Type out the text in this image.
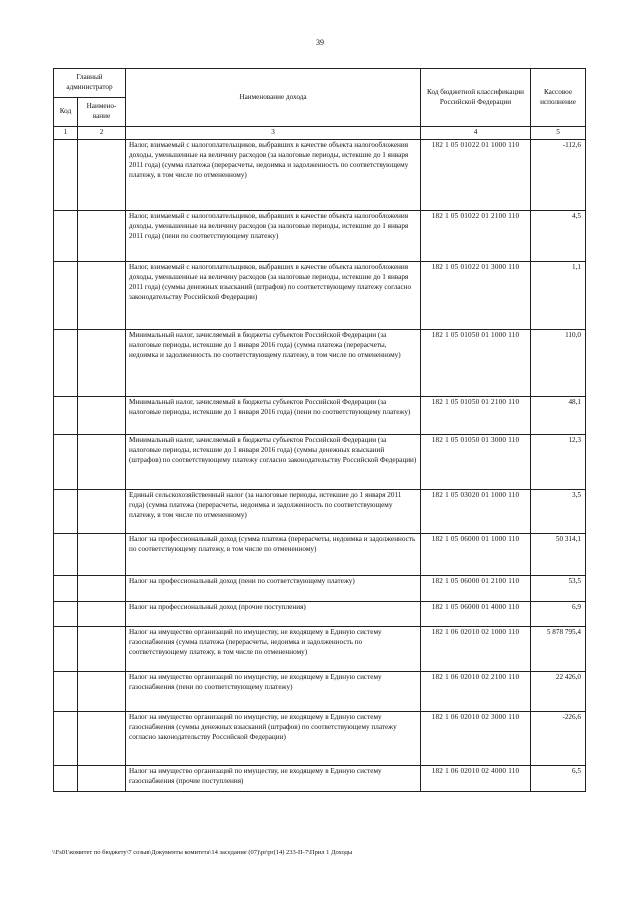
39
Главный администратор		Наименование дохода	Код бюджетной классификации Российской Федерации	Кассовое исполнение
Код	Наимено-вание			
1	2	3	4	5
		Налог, взимаемый с налогоплательщиков, выбравших в качестве объекта налогообложения доходы, уменьшенные на величину расходов (за налоговые периоды, истекшие до 1 января 2011 года) (сумма платежа (перерасчеты, недоимка и задолженность по соответствующему платежу, в том числе по отмененному)	182 1 05 01022 01 1000 110	-112,6
		Налог, взимаемый с налогоплательщиков, выбравших в качестве объекта налогообложения доходы, уменьшенные на величину расходов (за налоговые периоды, истекшие до 1 января 2011 года) (пени по соответствующему платежу)	182 1 05 01022 01 2100 110	4,5
		Налог, взимаемый с налогоплательщиков, выбравших в качестве объекта налогообложения доходы, уменьшенные на величину расходов (за налоговые периоды, истекшие до 1 января 2011 года) (суммы денежных взысканий (штрафов) по соответствующему платежу согласно законодательству Российской Федерации)	182 1 05 01022 01 3000 110	1,1
		Минимальный налог, зачисляемый в бюджеты субъектов Российской Федерации (за налоговые периоды, истекшие до 1 января 2016 года) (сумма платежа (перерасчеты, недоимка и задолженность по соответствующему платежу, в том числе по отмененному)	182 1 05 01050 01 1000 110	110,0
		Минимальный налог, зачисляемый в бюджеты субъектов Российской Федерации (за налоговые периоды, истекшие до 1 января 2016 года) (пени по соответствующему платежу)	182 1 05 01050 01 2100 110	48,1
		Минимальный налог, зачисляемый в бюджеты субъектов Российской Федерации (за налоговые периоды, истекшие до 1 января 2016 года) (суммы денежных взысканий (штрафов) по соответствующему платежу согласно законодательству Российской Федерации)	182 1 05 01050 01 3000 110	12,3
		Единый сельскохозяйственный налог (за налоговые периоды, истекшие до 1 января 2011 года) (сумма платежа (перерасчеты, недоимка и задолженность по соответствующему платежу, в том числе по отмененному)	182 1 05 03020 01 1000 110	3,5
		Налог на профессиональный доход (сумма платежа (перерасчеты, недоимка и задолженность по соответствующему платежу, в том числе по отмененному)	182 1 05 06000 01 1000 110	50 314,1
		Налог на профессиональный доход (пени по соответствующему платежу)	182 1 05 06000 01 2100 110	53,5
		Налог на профессиональный доход (прочие поступления)	182 1 05 06000 01 4000 110	6,9
		Налог на имущество организаций по имуществу, не входящему в Единую систему газоснабжения (сумма платежа (перерасчеты, недоимка и задолженность по соответствующему платежу, в том числе по отмененному)	182 1 06 02010 02 1000 110	5 878 795,4
		Налог на имущество организаций по имуществу, не входящему в Единую систему газоснабжения (пени по соответствующему платежу)	182 1 06 02010 02 2100 110	22 426,0
		Налог на имущество организаций по имуществу, не входящему в Единую систему газоснабжения (суммы денежных взысканий (штрафов) по соответствующему платежу согласно законодательству Российской Федерации)	182 1 06 02010 02 3000 110	-226,6
		Налог на имущество организаций по имуществу, не входящему в Единую систему газоснабжения (прочие поступления)	182 1 06 02010 02 4000 110	6,5
\\Fs01\комитет по бюджету\7 созыв\Документы комитета\14 заседание (07)\pr\pr(14) 233-П-7\Прил 1 Доходы
